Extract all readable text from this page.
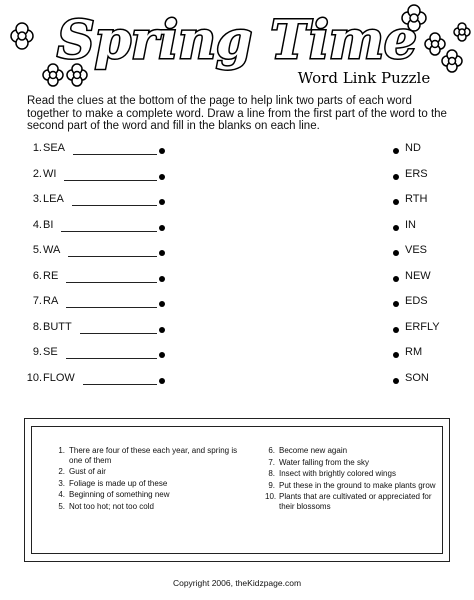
Spring Time
Word Link Puzzle
Read the clues at the bottom of the page to help link two parts of each word together to make a complete word. Draw a line from the first part of the word to the second part of the word and fill in the blanks on each line.
1. SEA	ND
2. WI	ERS
3. LEA	RTH
4. BI	IN
5. WA	VES
6. RE	NEW
7. RA	EDS
8. BUTT	ERFLY
9. SE	RM
10. FLOW	SON
1. There are four of these each year, and spring is one of them
2. Gust of air
3. Foliage is made up of these
4. Beginning of something new
5. Not too hot; not too cold
6. Become new again
7. Water falling from the sky
8. Insect with brightly colored wings
9. Put these in the ground to make plants grow
10. Plants that are cultivated or appreciated for their blossoms
Copyright 2006, theKidzpage.com
